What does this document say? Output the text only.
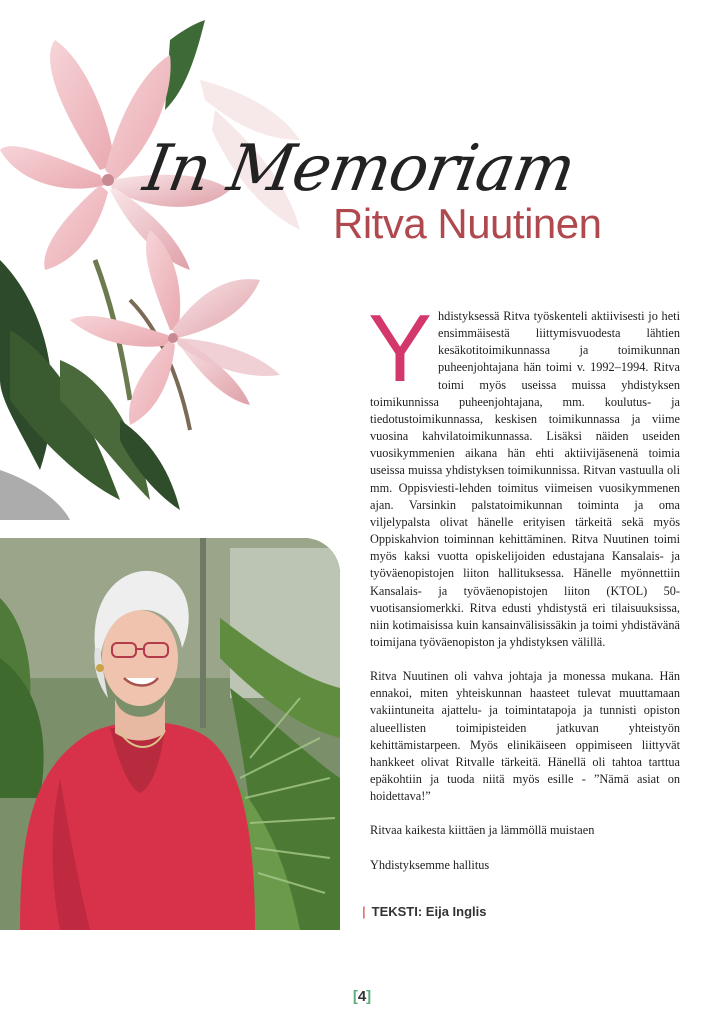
In Memoriam
Ritva Nuutinen

Yhdistyksessä Ritva työskenteli aktiivisesti jo heti ensimmäisestä liittymisvuodesta lähtien kesäkotitoimikunnassa ja toimikunnan puheenjohtajana hän toimi v. 1992–1994. Ritva toimi myös useissa muissa yhdistyksen toimikunnissa puheenjohtajana, mm. koulutus- ja tiedotustoimikunnassa, keskisen toimikunnassa ja viime vuosina kahvilatoimikunnassa. Lisäksi näiden useiden vuosikymmenien aikana hän ehti aktiivijäsenenä toimia useissa muissa yhdistyksen toimikunnissa. Ritvan vastuulla oli mm. Oppisviesti-lehden toimitus viimeisen vuosikymmenen ajan. Varsinkin palstatoimikunnan toiminta ja oma viljelypalsta olivat hänelle erityisen tärkeitä sekä myös Oppiskahvion toiminnan kehittäminen. Ritva Nuutinen toimi myös kaksi vuotta opiskelijoiden edustajana Kansalais- ja työväenopistojen liiton hallituksessa. Hänelle myönnettiin Kansalais- ja työväenopistojen liiton (KTOL) 50-vuotisansiomerkki. Ritva edusti yhdistystä eri tilaisuuksissa, niin kotimaisissa kuin kansainvälisissäkin ja toimi yhdistävänä toimijana työväenopiston ja yhdistyksen välillä.

Ritva Nuutinen oli vahva johtaja ja monessa mukana. Hän ennakoi, miten yhteiskunnan haasteet tulevat muuttamaan vakiintuneita ajattelu- ja toimintatapoja ja tunnisti opiston alueellisten toimipisteiden jatkuvan yhteistyön kehittämistarpeen. Myös elinikäiseen oppimiseen liittyvät hankkeet olivat Ritvalle tärkeitä. Hänellä oli tahtoa tarttua epäkohtiin ja tuoda niitä myös esille - ”Nämä asiat on hoidettava!”

Ritvaa kaikesta kiittäen ja lämmöllä muistaen

Yhdistyksemme hallitus

| TEKSTI: Eija Inglis
[4]
